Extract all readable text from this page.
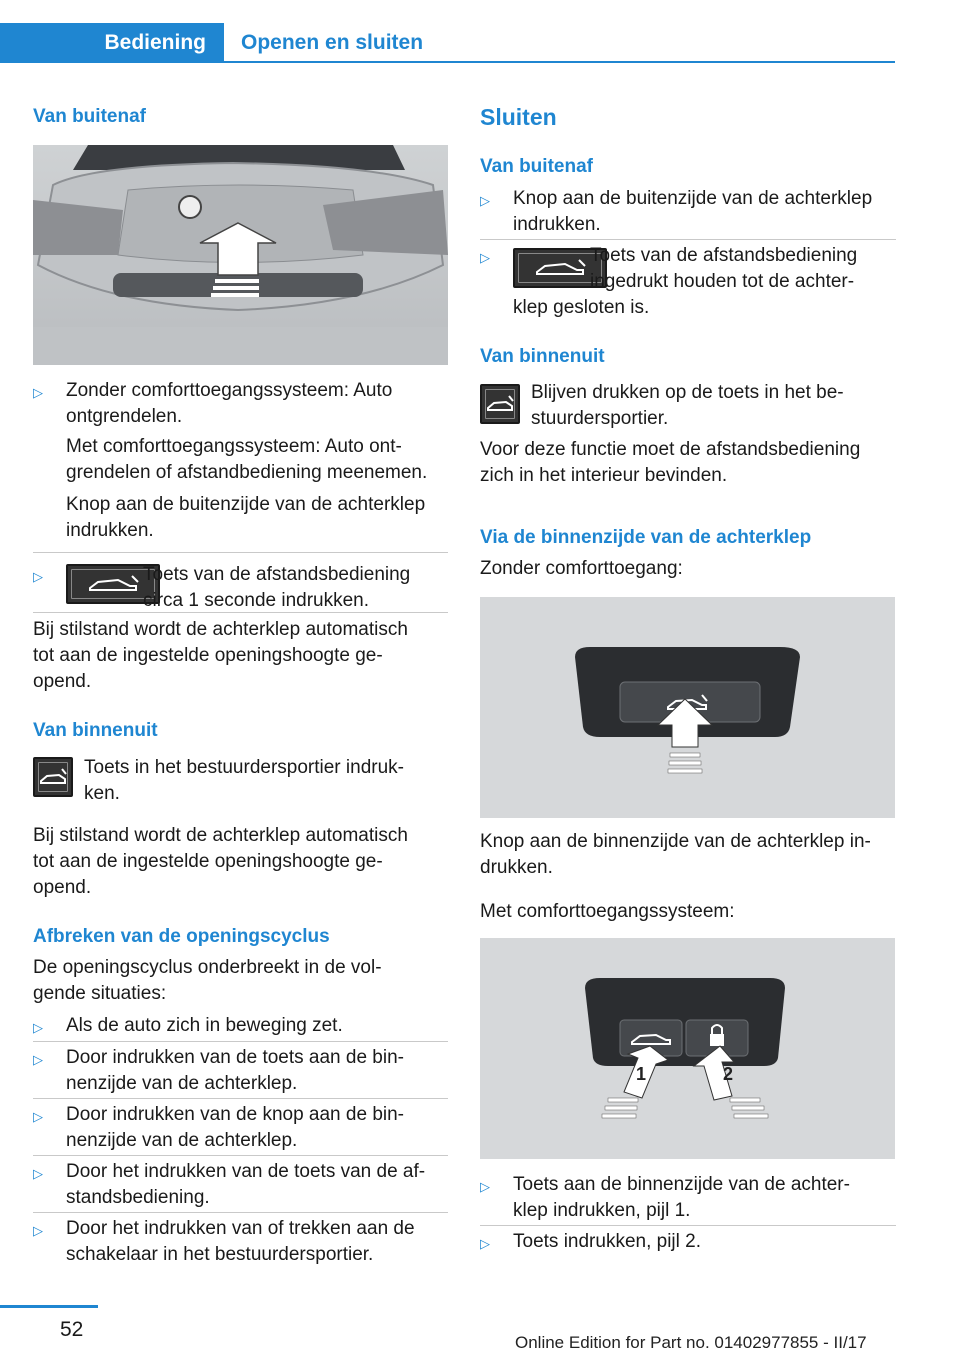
Bediening	Openen en sluiten
Van buitenaf
▷ Zonder comforttoegangssysteem: Auto
ontgrendelen.
Met comforttoegangssysteem: Auto ont-
grendelen of afstandbediening meenemen.
Knop aan de buitenzijde van de achterklep
indrukken.
▷	Toets van de afstandsbediening
circa 1 seconde indrukken.
Bij stilstand wordt de achterklep automatisch
tot aan de ingestelde openingshoogte ge-
opend.
Van binnenuit
Toets in het bestuurdersportier indruk-
ken.
Bij stilstand wordt de achterklep automatisch
tot aan de ingestelde openingshoogte ge-
opend.
Afbreken van de openingscyclus
De openingscyclus onderbreekt in de vol-
gende situaties:
▷ Als de auto zich in beweging zet.
▷ Door indrukken van de toets aan de bin-
nenzijde van de achterklep.
▷ Door indrukken van de knop aan de bin-
nenzijde van de achterklep.
▷ Door het indrukken van de toets van de af-
standsbediening.
▷ Door het indrukken van of trekken aan de
schakelaar in het bestuurdersportier.
Sluiten
Van buitenaf
▷ Knop aan de buitenzijde van de achterklep
indrukken.
▷	Toets van de afstandsbediening
ingedrukt houden tot de achter-
klep gesloten is.
Van binnenuit
Blijven drukken op de toets in het be-
stuurdersportier.
Voor deze functie moet de afstandsbediening
zich in het interieur bevinden.
Via de binnenzijde van de achterklep
Zonder comforttoegang:
Knop aan de binnenzijde van de achterklep in-
drukken.
Met comforttoegangssysteem:
1	2
▷ Toets aan de binnenzijde van de achter-
klep indrukken, pijl 1.
▷ Toets indrukken, pijl 2.
52
Online Edition for Part no. 01402977855 - II/17
